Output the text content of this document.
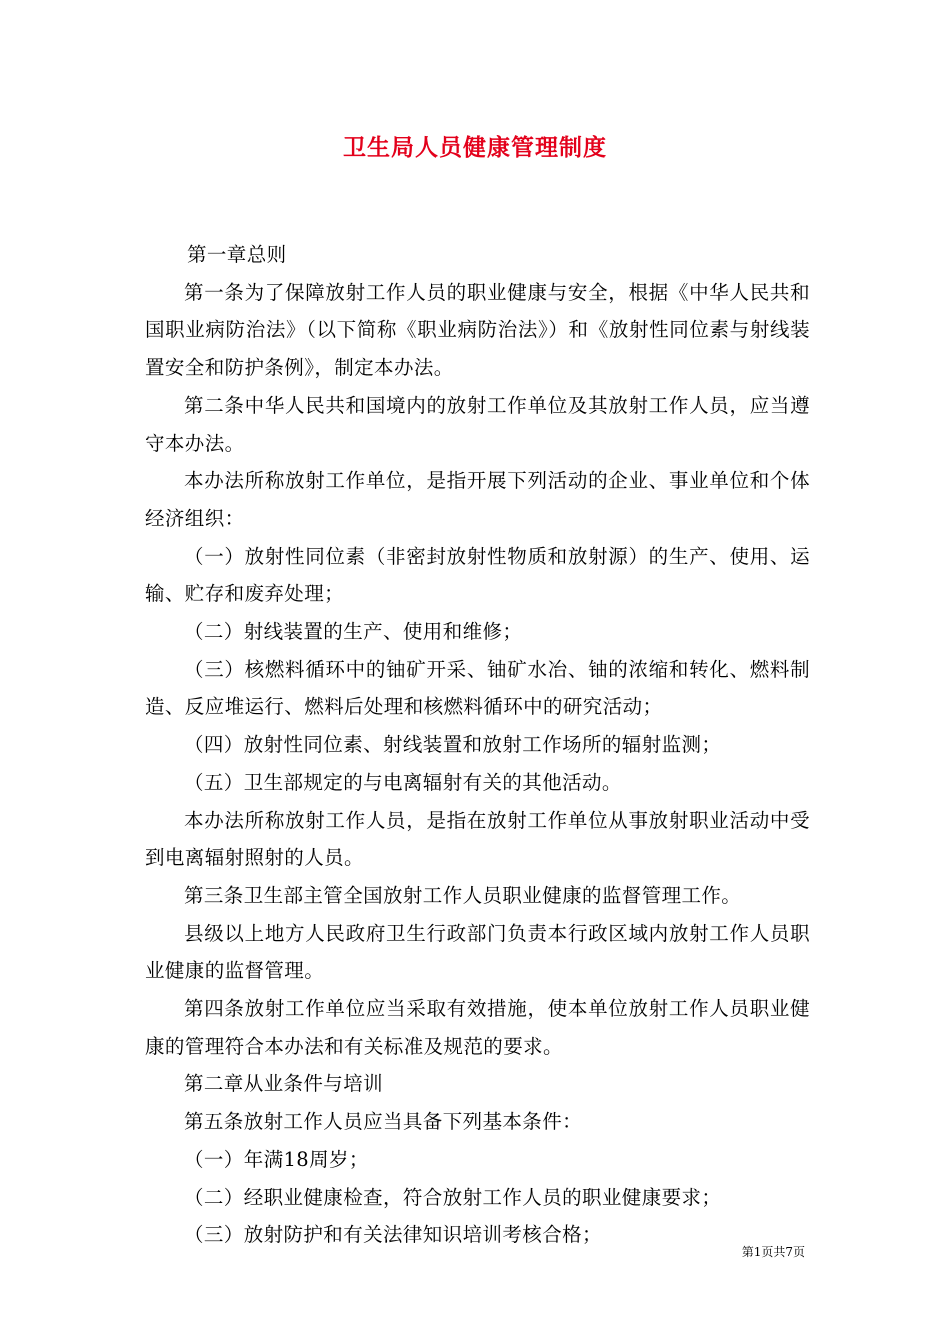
卫生局人员健康管理制度

第一章总则

第一条为了保障放射工作人员的职业健康与安全，根据《中华人民共和国职业病防治法》（以下简称《职业病防治法》）和《放射性同位素与射线装置安全和防护条例》，制定本办法。

第二条中华人民共和国境内的放射工作单位及其放射工作人员，应当遵守本办法。

本办法所称放射工作单位，是指开展下列活动的企业、事业单位和个体经济组织：

（一）放射性同位素（非密封放射性物质和放射源）的生产、使用、运输、贮存和废弃处理；

（二）射线装置的生产、使用和维修；

（三）核燃料循环中的铀矿开采、铀矿水冶、铀的浓缩和转化、燃料制造、反应堆运行、燃料后处理和核燃料循环中的研究活动；

（四）放射性同位素、射线装置和放射工作场所的辐射监测；

（五）卫生部规定的与电离辐射有关的其他活动。

本办法所称放射工作人员，是指在放射工作单位从事放射职业活动中受到电离辐射照射的人员。

第三条卫生部主管全国放射工作人员职业健康的监督管理工作。

县级以上地方人民政府卫生行政部门负责本行政区域内放射工作人员职业健康的监督管理。

第四条放射工作单位应当采取有效措施，使本单位放射工作人员职业健康的管理符合本办法和有关标准及规范的要求。

第二章从业条件与培训

第五条放射工作人员应当具备下列基本条件：

（一）年满18周岁；

（二）经职业健康检查，符合放射工作人员的职业健康要求；

（三）放射防护和有关法律知识培训考核合格；

第1页共7页
